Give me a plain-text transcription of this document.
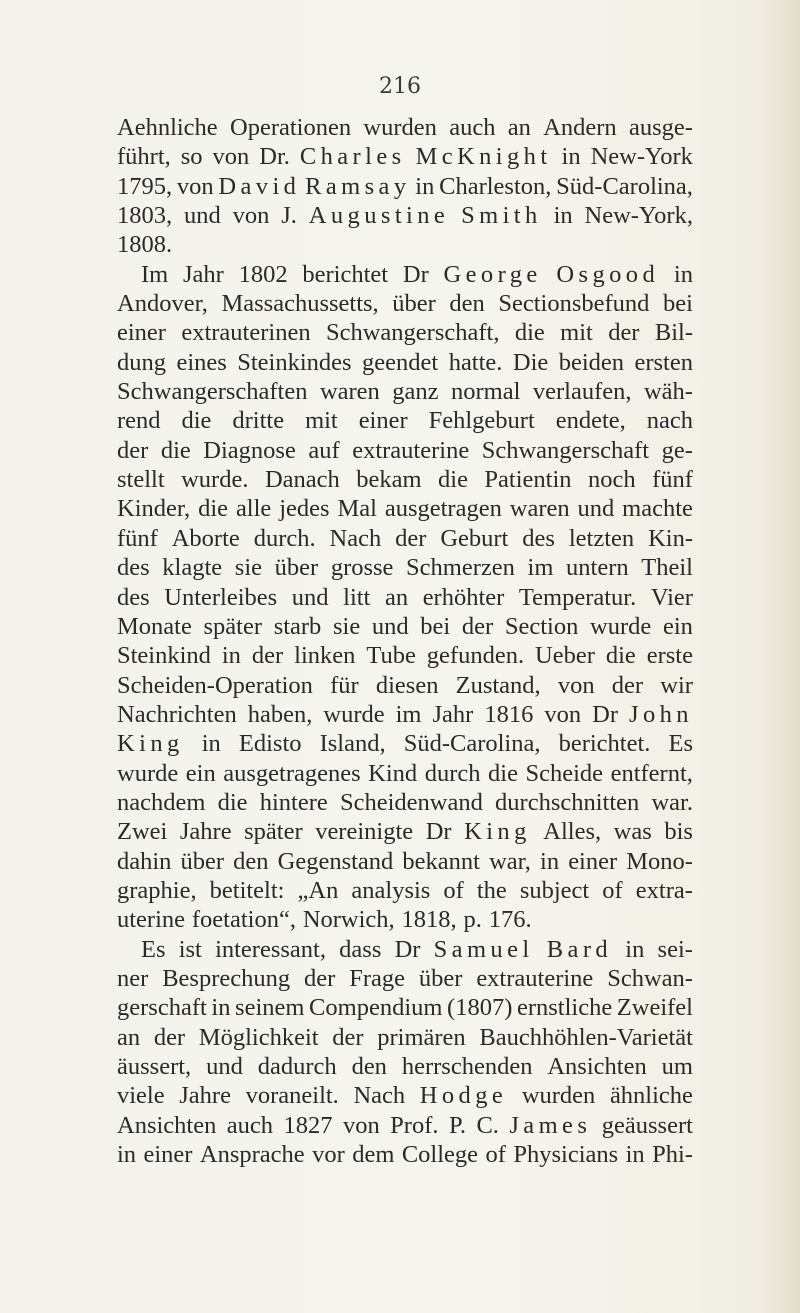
216

Aehnliche Operationen wurden auch an Andern ausge-
führt, so von Dr. Charles McKnight in New-York
1795, von David Ramsay in Charleston, Süd-Carolina,
1803, und von J. Augustine Smith in New-York,
1808.
Im Jahr 1802 berichtet Dr George Osgood in
Andover, Massachussetts, über den Sectionsbefund bei
einer extrauterinen Schwangerschaft, die mit der Bil-
dung eines Steinkindes geendet hatte. Die beiden ersten
Schwangerschaften waren ganz normal verlaufen, wäh-
rend die dritte mit einer Fehlgeburt endete, nach
der die Diagnose auf extrauterine Schwangerschaft ge-
stellt wurde. Danach bekam die Patientin noch fünf
Kinder, die alle jedes Mal ausgetragen waren und machte
fünf Aborte durch. Nach der Geburt des letzten Kin-
des klagte sie über grosse Schmerzen im untern Theil
des Unterleibes und litt an erhöhter Temperatur. Vier
Monate später starb sie und bei der Section wurde ein
Steinkind in der linken Tube gefunden. Ueber die erste
Scheiden-Operation für diesen Zustand, von der wir
Nachrichten haben, wurde im Jahr 1816 von Dr John
King in Edisto Island, Süd-Carolina, berichtet. Es
wurde ein ausgetragenes Kind durch die Scheide entfernt,
nachdem die hintere Scheidenwand durchschnitten war.
Zwei Jahre später vereinigte Dr King Alles, was bis
dahin über den Gegenstand bekannt war, in einer Mono-
graphie, betitelt: „An analysis of the subject of extra-
uterine foetation“, Norwich, 1818, p. 176.
Es ist interessant, dass Dr Samuel Bard in sei-
ner Besprechung der Frage über extrauterine Schwan-
gerschaft in seinem Compendium (1807) ernstliche Zweifel
an der Möglichkeit der primären Bauchhöhlen-Varietät
äussert, und dadurch den herrschenden Ansichten um
viele Jahre voraneilt. Nach Hodge wurden ähnliche
Ansichten auch 1827 von Prof. P. C. James geäussert
in einer Ansprache vor dem College of Physicians in Phi-
